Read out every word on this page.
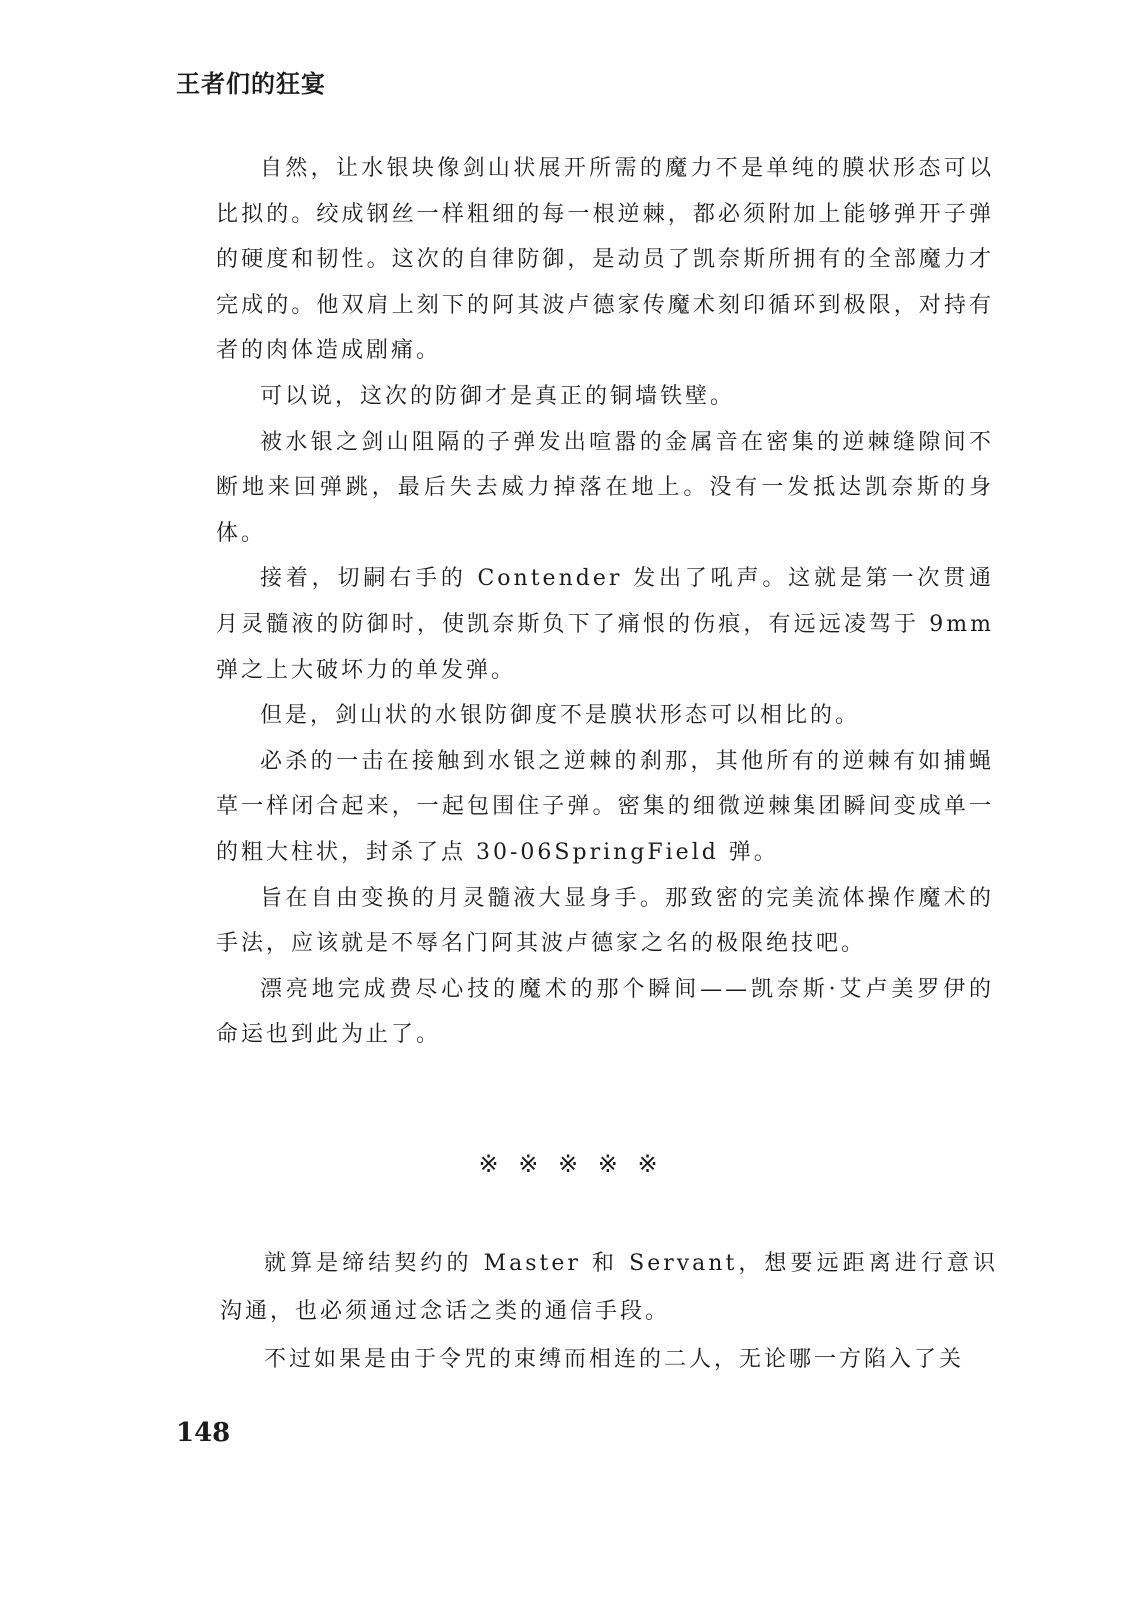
王者们的狂宴

自然，让水银块像剑山状展开所需的魔力不是单纯的膜状形态可以比拟的。绞成钢丝一样粗细的每一根逆棘，都必须附加上能够弹开子弹的硬度和韧性。这次的自律防御，是动员了凯奈斯所拥有的全部魔力才完成的。他双肩上刻下的阿其波卢德家传魔术刻印循环到极限，对持有者的肉体造成剧痛。

可以说，这次的防御才是真正的铜墙铁壁。

被水银之剑山阻隔的子弹发出喧嚣的金属音在密集的逆棘缝隙间不断地来回弹跳，最后失去威力掉落在地上。没有一发抵达凯奈斯的身体。

接着，切嗣右手的 Contender 发出了吼声。这就是第一次贯通月灵髓液的防御时，使凯奈斯负下了痛恨的伤痕，有远远凌驾于 9mm 弹之上大破坏力的单发弹。

但是，剑山状的水银防御度不是膜状形态可以相比的。

必杀的一击在接触到水银之逆棘的刹那，其他所有的逆棘有如捕蝇草一样闭合起来，一起包围住子弹。密集的细微逆棘集团瞬间变成单一的粗大柱状，封杀了点 30-06SpringField 弹。

旨在自由变换的月灵髓液大显身手。那致密的完美流体操作魔术的手法，应该就是不辱名门阿其波卢德家之名的极限绝技吧。

漂亮地完成费尽心技的魔术的那个瞬间——凯奈斯·艾卢美罗伊的命运也到此为止了。

※ ※ ※ ※ ※

就算是缔结契约的 Master 和 Servant，想要远距离进行意识沟通，也必须通过念话之类的通信手段。

不过如果是由于令咒的束缚而相连的二人，无论哪一方陷入了关

148
